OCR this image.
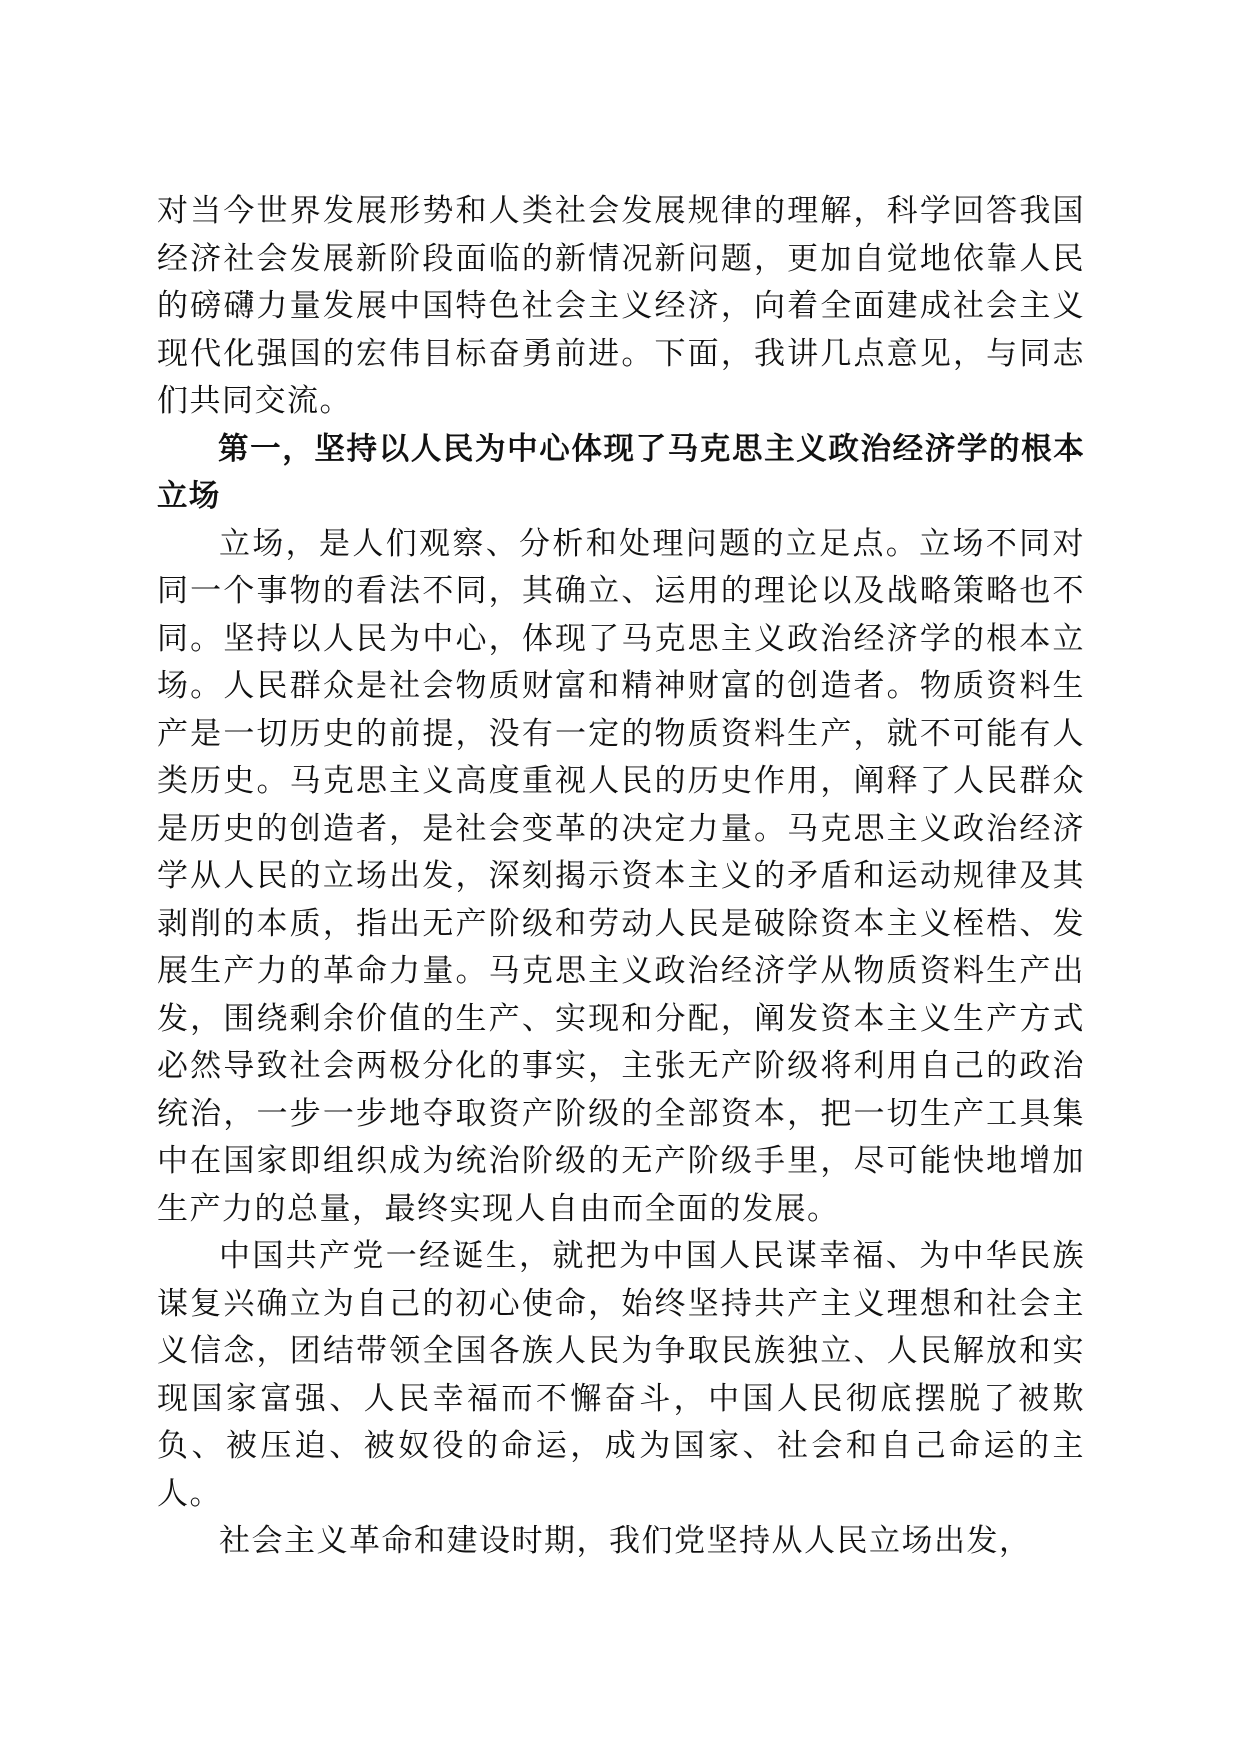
对当今世界发展形势和人类社会发展规律的理解，科学回答我国经济社会发展新阶段面临的新情况新问题，更加自觉地依靠人民的磅礴力量发展中国特色社会主义经济，向着全面建成社会主义现代化强国的宏伟目标奋勇前进。下面，我讲几点意见，与同志们共同交流。

第一，坚持以人民为中心体现了马克思主义政治经济学的根本立场

立场，是人们观察、分析和处理问题的立足点。立场不同对同一个事物的看法不同，其确立、运用的理论以及战略策略也不同。坚持以人民为中心，体现了马克思主义政治经济学的根本立场。人民群众是社会物质财富和精神财富的创造者。物质资料生产是一切历史的前提，没有一定的物质资料生产，就不可能有人类历史。马克思主义高度重视人民的历史作用，阐释了人民群众是历史的创造者，是社会变革的决定力量。马克思主义政治经济学从人民的立场出发，深刻揭示资本主义的矛盾和运动规律及其剥削的本质，指出无产阶级和劳动人民是破除资本主义桎梏、发展生产力的革命力量。马克思主义政治经济学从物质资料生产出发，围绕剩余价值的生产、实现和分配，阐发资本主义生产方式必然导致社会两极分化的事实，主张无产阶级将利用自己的政治统治，一步一步地夺取资产阶级的全部资本，把一切生产工具集中在国家即组织成为统治阶级的无产阶级手里，尽可能快地增加生产力的总量，最终实现人自由而全面的发展。

中国共产党一经诞生，就把为中国人民谋幸福、为中华民族谋复兴确立为自己的初心使命，始终坚持共产主义理想和社会主义信念，团结带领全国各族人民为争取民族独立、人民解放和实现国家富强、人民幸福而不懈奋斗，中国人民彻底摆脱了被欺负、被压迫、被奴役的命运，成为国家、社会和自己命运的主人。

社会主义革命和建设时期，我们党坚持从人民立场出发，
